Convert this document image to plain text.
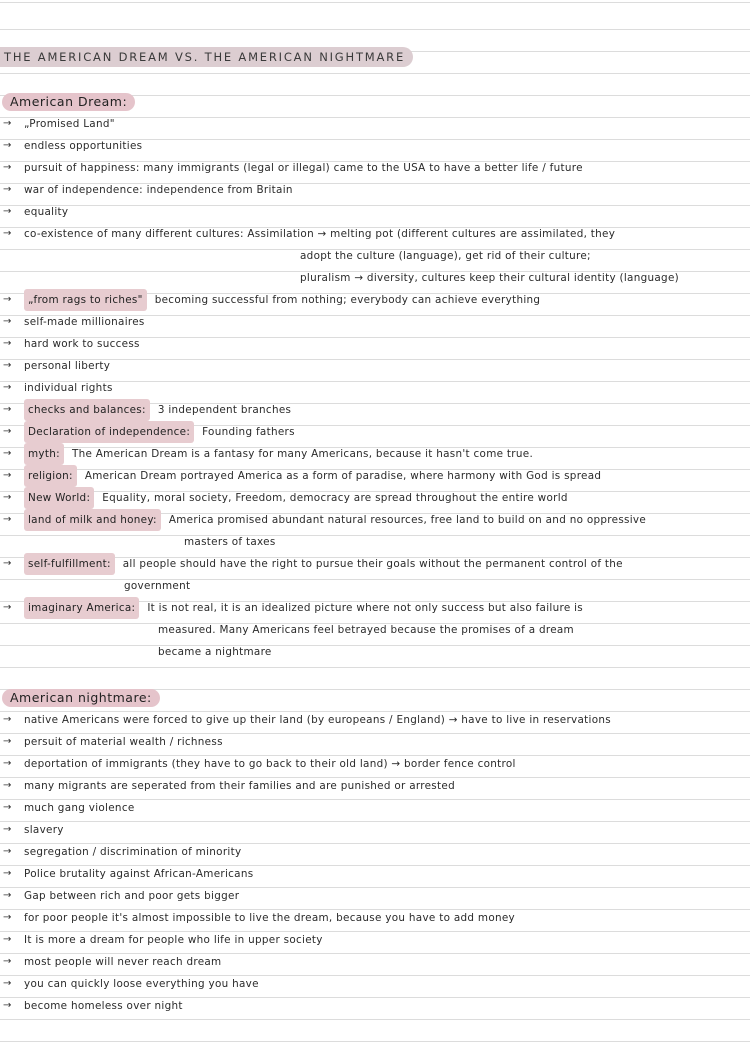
THE AMERICAN DREAM VS. THE AMERICAN NIGHTMARE
American Dream:
→ „Promised Land"
→ endless opportunities
→ pursuit of happiness: many immigrants (legal or illegal) came to the USA to have a better life / future
→ war of independence: independence from Britain
→ equality
→ co-existence of many different cultures: Assimilation → melting pot (different cultures are assimilated, they
adopt the culture (language), get rid of their culture;
pluralism → diversity, cultures keep their cultural identity (language)
→	„from rags to riches"	becoming successful from nothing; everybody can achieve everything
→ self-made millionaires
→ hard work to success
→ personal liberty
→ individual rights
→	checks and balances:	3 independent branches
→	Declaration of independence:	Founding fathers
→	myth:	The American Dream is a fantasy for many Americans, because it hasn't come true.
→	religion:	American Dream portrayed America as a form of paradise, where harmony with God is spread
→	New World:	Equality, moral society, Freedom, democracy are spread throughout the entire world
→	land of milk and honey:	America promised abundant natural resources, free land to build on and no oppressive
masters of taxes
→	self-fulfillment:	all people should have the right to pursue their goals without the permanent control of the
government
→	imaginary America:	It is not real, it is an idealized picture where not only success but also failure is
measured. Many Americans feel betrayed because the promises of a dream
became a nightmare
American nightmare:
→ native Americans were forced to give up their land (by europeans / England) → have to live in reservations
→ persuit of material wealth / richness
→ deportation of immigrants (they have to go back to their old land) → border fence control
→ many migrants are seperated from their families and are punished or arrested
→ much gang violence
→ slavery
→ segregation / discrimination of minority
→ Police brutality against African-Americans
→ Gap between rich and poor gets bigger
→ for poor people it's almost impossible to live the dream, because you have to add money
→ It is more a dream for people who life in upper society
→ most people will never reach dream
→ you can quickly loose everything you have
→ become homeless over night
